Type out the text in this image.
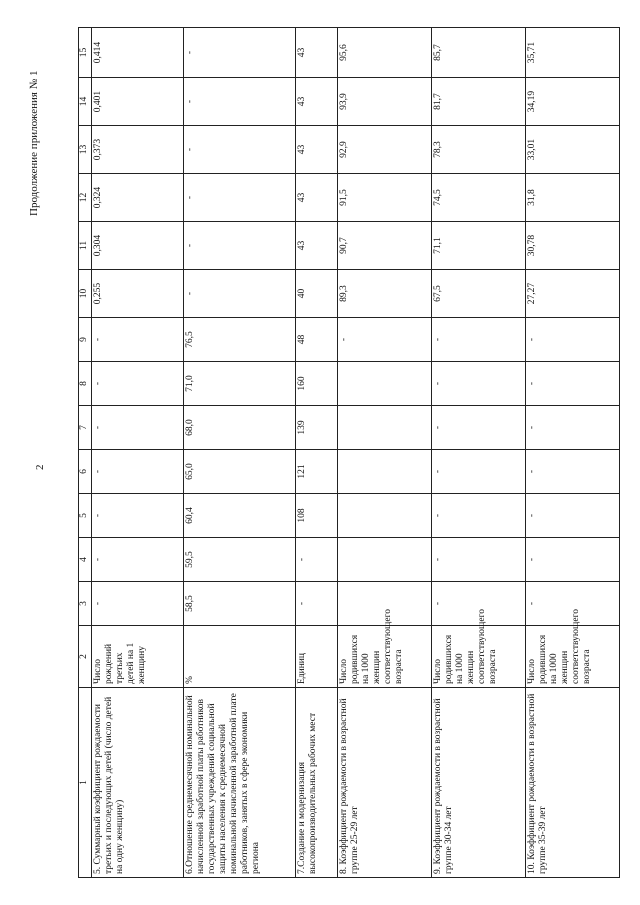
2
Продолжение приложения № 1
1	2	3	4	5	6	7	8	9	10	11	12	13	14	15
5. Суммарный коэффициент рождаемости третьих и последующих детей (число детей на одну женщину)	Число рождений третьих детей на 1 женщину	-	-	-	-	-	-	-	0,255	0,304	0,324	0,373	0,401	0,414
6.Отношение среднемесячной номинальной начисленной заработной платы работников государственных учреждений социальной защиты населения к среднемесячной номинальной начисленной заработной плате работников, занятых в сфере экономики региона	%	58,5	59,5	60,4	65,0	68,0	71,0	76,5	-	-	-	-	-	-
7.Создание и модернизация высокопроизводительных рабочих мест	Единиц	-	-	108	121	139	160	48	40	43	43	43	43	43
8. Коэффициент рождаемости в возрастной группе 25-29 лет	Число родившихся на 1000 женщин соответствующего возраста							-	89,3	90,7	91,5	92,9	93,9	95,6
9. Коэффициент рождаемости в возрастной группе 30-34 лет	Число родившихся на 1000 женщин соответствующего возраста	-	-	-	-	-	-	-	67,5	71,1	74,5	78,3	81,7	85,7
10. Коэффициент рождаемости в возрастной группе 35-39 лет	Число родившихся на 1000 женщин соответствующего возраста	-	-	-	-	-	-	-	27,27	30,78	31,8	33,01	34,19	35,71
